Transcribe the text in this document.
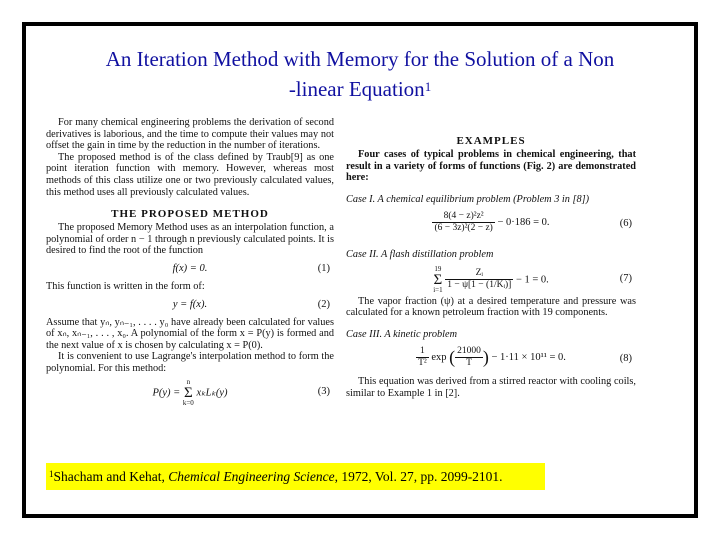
An Iteration Method with Memory for the Solution of a Non
-linear Equation$^1$

For many chemical engineering problems the derivation of second derivatives is laborious, and the time to compute their values may not offset the gain in time by the reduction in the number of iterations.

The proposed method is of the class defined by Traub[9] as one point iteration function with memory. However, whereas most methods of this class utilize one or two previously calculated values, this method uses all previously calculated values.

THE PROPOSED METHOD

The proposed Memory Method uses as an interpolation function, a polynomial of order n − 1 through n previously calculated points. It is desired to find the root of the function

f(x) = 0.	(1)

This function is written in the form of:

y = f(x).	(2)

Assume that yₙ, yₙ₋₁, . . . . y₀ have already been calculated for values of xₙ, xₙ₋₁, . . . , x₀. A polynomial of the form x = P(y) is formed and the next value of x is chosen by calculating x = P(0).

It is convenient to use Lagrange's interpolation method to form the polynomial. For this method:

P(y) = n
Σ
k=0 xₖLₖ(y)	(3)
EXAMPLES

Four cases of typical problems in chemical engineering, that result in a variety of forms of functions (Fig. 2) are demonstrated here:

Case I. A chemical equilibrium problem (Problem 3 in [8])
$\frac{\text{8(4 − z)²z²}}{\text{(6 − 3z)²(2 − z)}} - 0\cdot 186 = 0$.	(6)
Case II. A flash distillation problem
19
Σ
$i=1 \frac{\text{Zᵢ}}{\text{1 − ψ[1 − (1/Kᵢ)]}} - 1 = 0$.	(7)

The vapor fraction (ψ) at a desired temperature and pressure was calculated for a known petroleum fraction with 19 components.

Case III. A kinetic problem
$\frac{1}{\text{T²}}$ exp ( $\frac{21000}{T}$ ) − 1·11 × 10¹¹ = 0.	(8)

This equation was derived from a stirred reactor with cooling coils, similar to Example 1 in [2].

$^1$Shacham and Kehat, Chemical Engineering Science, 1972, Vol. 27, pp. 2099-2101.
